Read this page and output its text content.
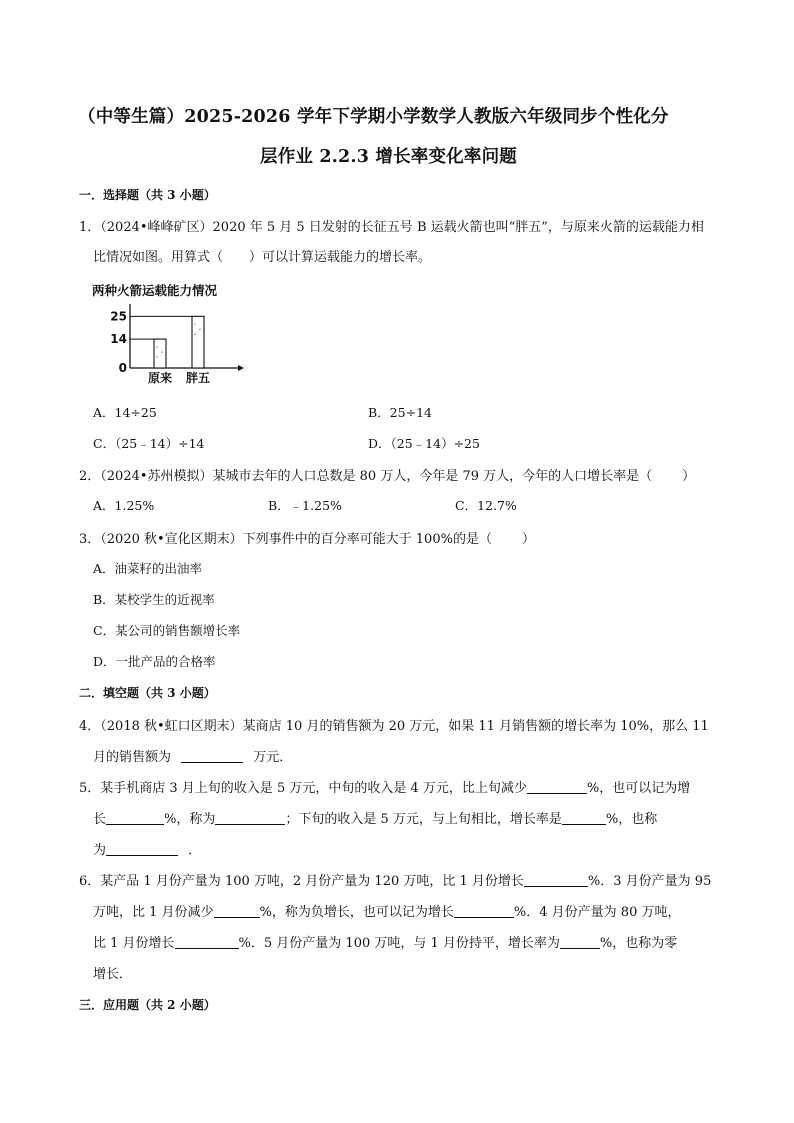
（中等生篇）2025-2026 学年下学期小学数学人教版六年级同步个性化分
层作业 2.2.3 增长率变化率问题
一．选择题（共 3 小题）
1．（2024•峰峰矿区）2020 年 5 月 5 日发射的长征五号 B 运载火箭也叫“胖五”，与原来火箭的运载能力相
比情况如图。用算式（ ）可以计算运载能力的增长率。
两种火箭运载能力情况
原来 胖五
0
14
25
A．14÷25	B．25÷14
C．（25﹣14）÷14	D．（25﹣14）÷25
2．（2024•苏州模拟）某城市去年的人口总数是 80 万人，今年是 79 万人，今年的人口增长率是（ ）
A．1.25%	B．﹣1.25%	C．12.7%
3．（2020 秋•宣化区期末）下列事件中的百分率可能大于 100%的是（ ）
A．油菜籽的出油率
B．某校学生的近视率
C．某公司的销售额增长率
D．一批产品的合格率
二．填空题（共 3 小题）
4．（2018 秋•虹口区期末）某商店 10 月的销售额为 20 万元，如果 11 月销售额的增长率为 10%，那么 11
月的销售额为	万元．
5．某手机商店 3 月上旬的收入是 5 万元，中旬的收入是 4 万元，比上旬减少	%，也可以记为增
长	%，称为	；下旬的收入是 5 万元，与上旬相比，增长率是	%，也称
为	．
6．某产品 1 月份产量为 100 万吨，2 月份产量为 120 万吨，比 1 月份增长	%．3 月份产量为 95
万吨，比 1 月份减少	%，称为负增长，也可以记为增长	%．4 月份产量为 80 万吨，
比 1 月份增长	%．5 月份产量为 100 万吨，与 1 月份持平，增长率为	%，也称为零
增长．
三．应用题（共 2 小题）
